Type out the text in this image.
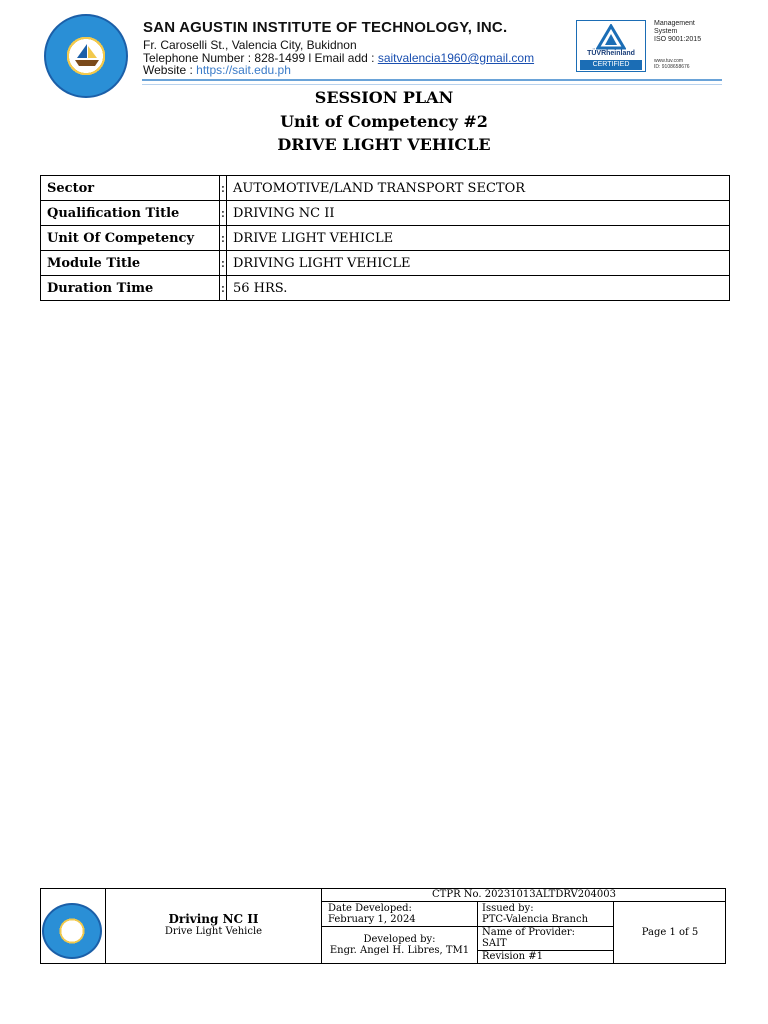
SAN AGUSTIN INSTITUTE OF TECHNOLOGY, INC.
Fr. Caroselli St., Valencia City, Bukidnon
Telephone Number : 828-1499 l Email add : saitvalencia1960@gmail.com
Website : https://sait.edu.ph
TÜVRheinland
CERTIFIED
Management
System
ISO 9001:2015
www.tuv.com
ID: 9108658676
SESSION PLAN
Unit of Competency #2
DRIVE LIGHT VEHICLE
Sector	:	AUTOMOTIVE/LAND TRANSPORT SECTOR
Qualification Title	:	DRIVING NC II
Unit Of Competency	:	DRIVE LIGHT VEHICLE
Module Title	:	DRIVING LIGHT VEHICLE
Duration Time	:	56 HRS.
CTPR No. 20231013ALTDRV204003
Driving NC II
Drive Light Vehicle
Date Developed:
February 1, 2024
Developed by:
Engr. Angel H. Libres, TM1
Issued by:
PTC-Valencia Branch
Name of Provider:
SAIT
Revision #1
Page 1 of 5
